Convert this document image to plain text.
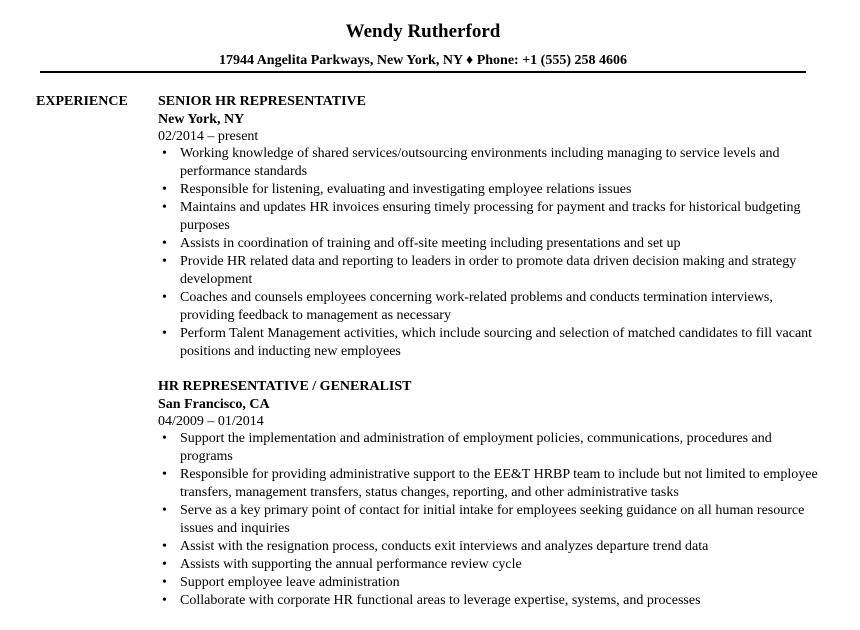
Wendy Rutherford
17944 Angelita Parkways, New York, NY ♦ Phone: +1 (555) 258 4606
EXPERIENCE SENIOR HR REPRESENTATIVE
New York, NY
02/2014 – present
• Working knowledge of shared services/outsourcing environments including managing to service levels and performance standards
• Responsible for listening, evaluating and investigating employee relations issues
• Maintains and updates HR invoices ensuring timely processing for payment and tracks for historical budgeting purposes
• Assists in coordination of training and off-site meeting including presentations and set up
• Provide HR related data and reporting to leaders in order to promote data driven decision making and strategy development
• Coaches and counsels employees concerning work-related problems and conducts termination interviews, providing feedback to management as necessary
• Perform Talent Management activities, which include sourcing and selection of matched candidates to fill vacant positions and inducting new employees
HR REPRESENTATIVE / GENERALIST
San Francisco, CA
04/2009 – 01/2014
• Support the implementation and administration of employment policies, communications, procedures and programs
• Responsible for providing administrative support to the EE&T HRBP team to include but not limited to employee transfers, management transfers, status changes, reporting, and other administrative tasks
• Serve as a key primary point of contact for initial intake for employees seeking guidance on all human resource issues and inquiries
• Assist with the resignation process, conducts exit interviews and analyzes departure trend data
• Assists with supporting the annual performance review cycle
• Support employee leave administration
• Collaborate with corporate HR functional areas to leverage expertise, systems, and processes
